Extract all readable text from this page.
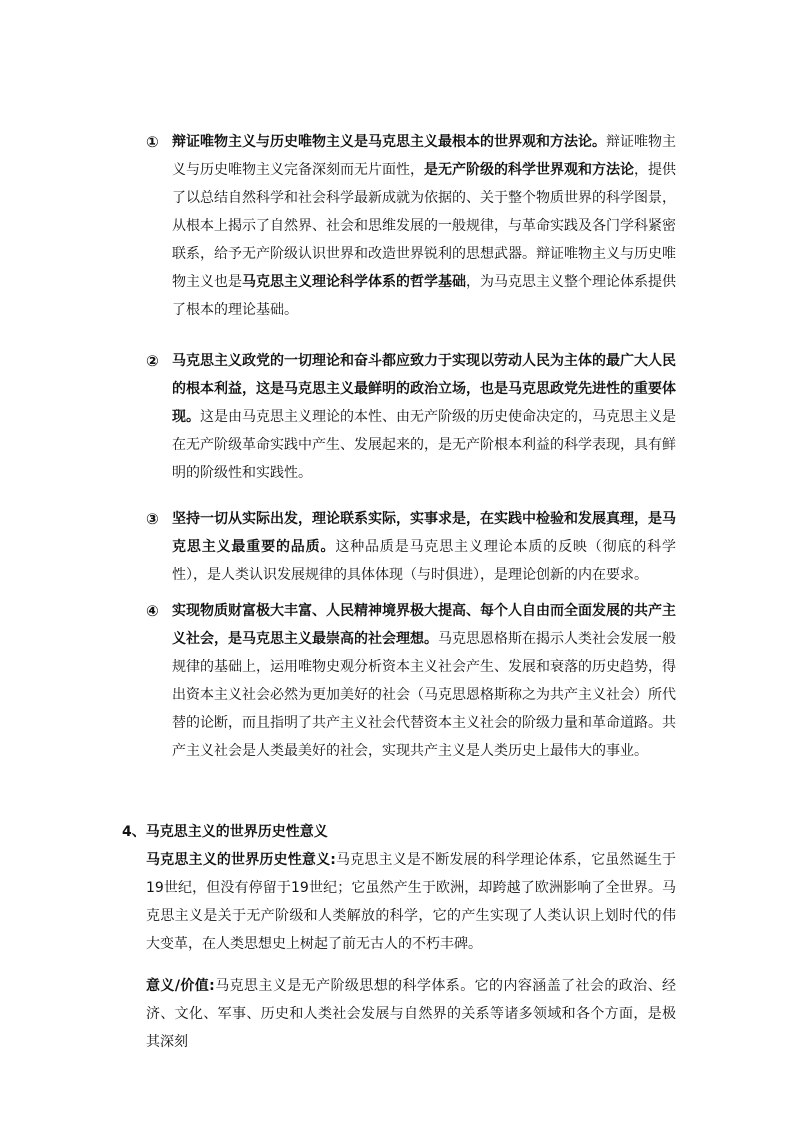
① 辩证唯物主义与历史唯物主义是马克思主义最根本的世界观和方法论。辩证唯物主义与历史唯物主义完备深刻而无片面性，是无产阶级的科学世界观和方法论，提供了以总结自然科学和社会科学最新成就为依据的、关于整个物质世界的科学图景，从根本上揭示了自然界、社会和思维发展的一般规律，与革命实践及各门学科紧密联系，给予无产阶级认识世界和改造世界锐利的思想武器。辩证唯物主义与历史唯物主义也是马克思主义理论科学体系的哲学基础，为马克思主义整个理论体系提供了根本的理论基础。

② 马克思主义政党的一切理论和奋斗都应致力于实现以劳动人民为主体的最广大人民的根本利益，这是马克思主义最鲜明的政治立场，也是马克思政党先进性的重要体现。这是由马克思主义理论的本性、由无产阶级的历史使命决定的，马克思主义是在无产阶级革命实践中产生、发展起来的，是无产阶根本利益的科学表现，具有鲜明的阶级性和实践性。

③ 坚持一切从实际出发，理论联系实际，实事求是，在实践中检验和发展真理，是马克思主义最重要的品质。这种品质是马克思主义理论本质的反映（彻底的科学性），是人类认识发展规律的具体体现（与时俱进），是理论创新的内在要求。

④ 实现物质财富极大丰富、人民精神境界极大提高、每个人自由而全面发展的共产主义社会，是马克思主义最崇高的社会理想。马克思恩格斯在揭示人类社会发展一般规律的基础上，运用唯物史观分析资本主义社会产生、发展和衰落的历史趋势，得出资本主义社会必然为更加美好的社会（马克思恩格斯称之为共产主义社会）所代替的论断，而且指明了共产主义社会代替资本主义社会的阶级力量和革命道路。共产主义社会是人类最美好的社会，实现共产主义是人类历史上最伟大的事业。

4、马克思主义的世界历史性意义

马克思主义的世界历史性意义:马克思主义是不断发展的科学理论体系，它虽然诞生于19世纪，但没有停留于19世纪；它虽然产生于欧洲，却跨越了欧洲影响了全世界。马克思主义是关于无产阶级和人类解放的科学，它的产生实现了人类认识上划时代的伟大变革，在人类思想史上树起了前无古人的不朽丰碑。

意义/价值:马克思主义是无产阶级思想的科学体系。它的内容涵盖了社会的政治、经济、文化、军事、历史和人类社会发展与自然界的关系等诸多领域和各个方面，是极其深刻
